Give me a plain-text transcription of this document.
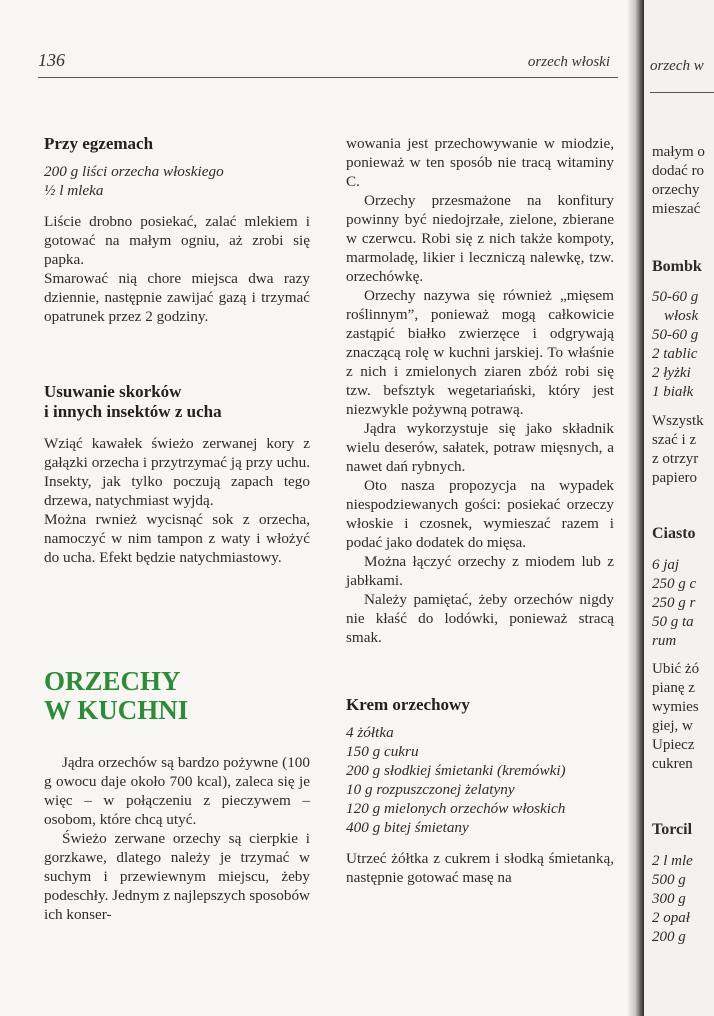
136	orzech włoski
Przy egzemach
200 g liści orzecha włoskiego
½ l mleka

Liście drobno posiekać, zalać mlekiem i gotować na małym ogniu, aż zrobi się papka.

Smarować nią chore miejsca dwa razy dziennie, następnie zawijać gazą i trzymać opatrunek przez 2 godziny.

Usuwanie skorków
i innych insektów z ucha

Wziąć kawałek świeżo zerwanej kory z gałązki orzecha i przytrzymać ją przy uchu. Insekty, jak tylko poczują zapach tego drzewa, natychmiast wyjdą.

Można rwnież wycisnąć sok z orzecha, namoczyć w nim tampon z waty i włożyć do ucha. Efekt będzie natychmiastowy.

ORZECHY
W KUCHNI

Jądra orzechów są bardzo pożywne (100 g owocu daje około 700 kcal), zaleca się je więc – w połączeniu z pieczywem – osobom, które chcą utyć.

Świeżo zerwane orzechy są cierpkie i gorzkawe, dlatego należy je trzymać w suchym i przewiewnym miejscu, żeby podeschły. Jednym z najlepszych sposobów ich konser-

wowania jest przechowywanie w miodzie, ponieważ w ten sposób nie tracą witaminy C.

Orzechy przesmażone na konfitury powinny być niedojrzałe, zielone, zbierane w czerwcu. Robi się z nich także kompoty, marmoladę, likier i leczniczą nalewkę, tzw. orzechówkę.

Orzechy nazywa się również „mięsem roślinnym”, ponieważ mogą całkowicie zastąpić białko zwierzęce i odgrywają znaczącą rolę w kuchni jarskiej. To właśnie z nich i zmielonych ziaren zbóż robi się tzw. befsztyk wegetariański, który jest niezwykle pożywną potrawą.

Jądra wykorzystuje się jako składnik wielu deserów, sałatek, potraw mięsnych, a nawet dań rybnych.

Oto nasza propozycja na wypadek niespodziewanych gości: posiekać orzeczy włoskie i czosnek, wymieszać razem i podać jako dodatek do mięsa.

Można łączyć orzechy z miodem lub z jabłkami.

Należy pamiętać, żeby orzechów nigdy nie kłaść do lodówki, ponieważ stracą smak.

Krem orzechowy
4 żółtka
150 g cukru
200 g słodkiej śmietanki (kremówki)
10 g rozpuszczonej żelatyny
120 g mielonych orzechów włoskich
400 g bitej śmietany

Utrzeć żółtka z cukrem i słodką śmietanką, następnie gotować masę na

orzech w
małym o
dodać ro
orzechy
mieszać
Bombk
50-60 g
włosk
50-60 g
2 tablic
2 łyżki
1 białk
Wszystk
szać i z
z otrzyr
papiero
Ciasto
6 jaj
250 g c
250 g r
50 g ta
rum
Ubić żó
pianę z
wymies
giej, w
Upiecz
cukren
Torcil
2 l mle
500 g
300 g
2 opał
200 g
